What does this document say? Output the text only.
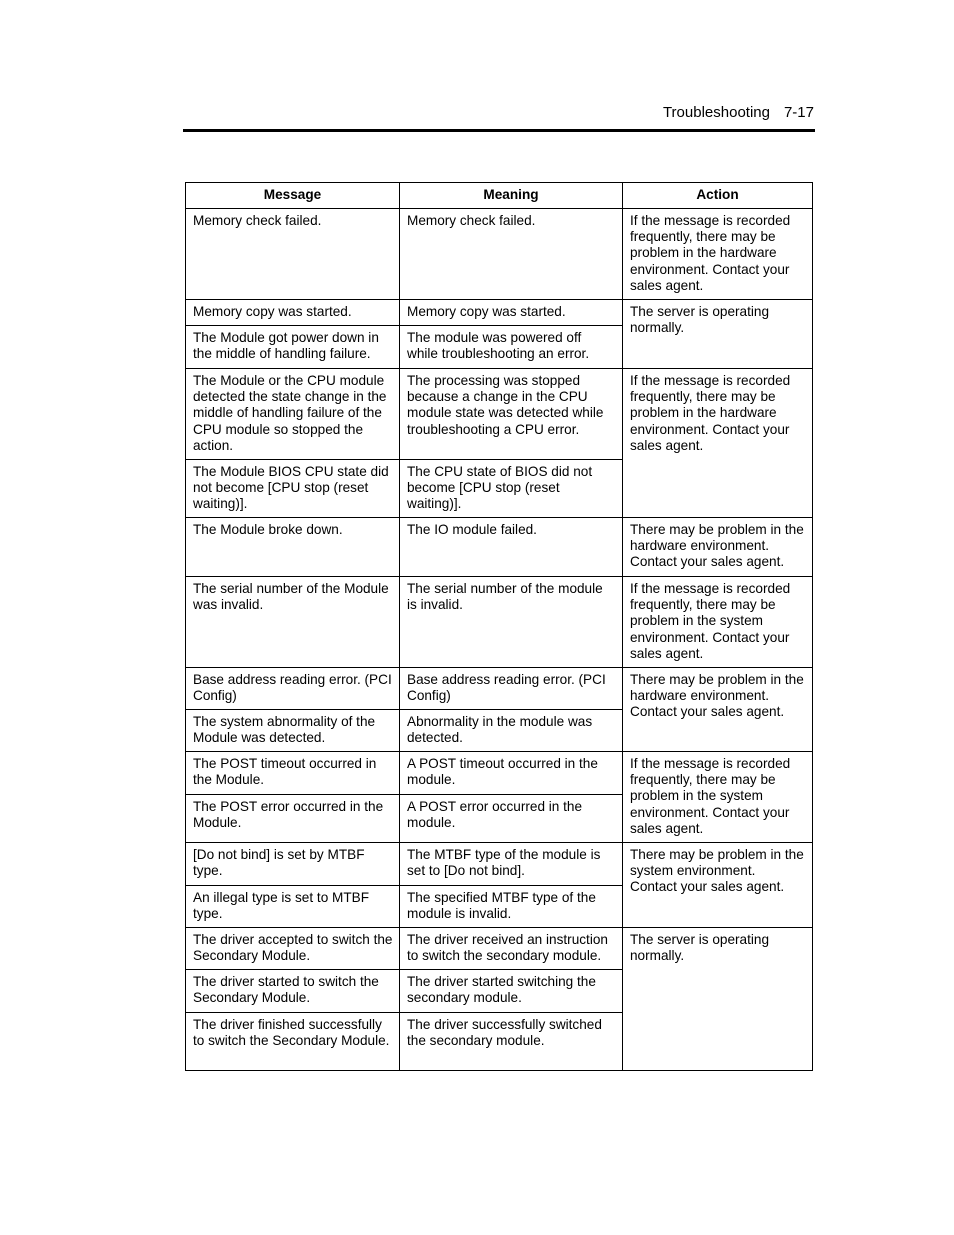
Troubleshooting 7-17
Message	Meaning	Action
Memory check failed.	Memory check failed.	If the message is recorded frequently, there may be problem in the hardware environment. Contact your sales agent.
Memory copy was started.	Memory copy was started.	The server is operating normally.
The Module got power down in the middle of handling failure.	The module was powered off while troubleshooting an error.	
The Module or the CPU module detected the state change in the middle of handling failure of the CPU module so stopped the action.	The processing was stopped because a change in the CPU module state was detected while troubleshooting a CPU error.	If the message is recorded frequently, there may be problem in the hardware environment. Contact your sales agent.
The Module BIOS CPU state did not become [CPU stop (reset waiting)].	The CPU state of BIOS did not become [CPU stop (reset waiting)].	
The Module broke down.	The IO module failed.	There may be problem in the hardware environment. Contact your sales agent.
The serial number of the Module was invalid.	The serial number of the module is invalid.	If the message is recorded frequently, there may be problem in the system environment. Contact your sales agent.
Base address reading error. (PCI Config)	Base address reading error. (PCI Config)	There may be problem in the hardware environment. Contact your sales agent.
The system abnormality of the Module was detected.	Abnormality in the module was detected.	
The POST timeout occurred in the Module.	A POST timeout occurred in the module.	If the message is recorded frequently, there may be problem in the system environment. Contact your sales agent.
The POST error occurred in the Module.	A POST error occurred in the module.	
[Do not bind] is set by MTBF type.	The MTBF type of the module is set to [Do not bind].	There may be problem in the system environment. Contact your sales agent.
An illegal type is set to MTBF type.	The specified MTBF type of the module is invalid.	
The driver accepted to switch the Secondary Module.	The driver received an instruction to switch the secondary module.	The server is operating normally.
The driver started to switch the Secondary Module.	The driver started switching the secondary module.	
The driver finished successfully to switch the Secondary Module.	The driver successfully switched the secondary module.	
